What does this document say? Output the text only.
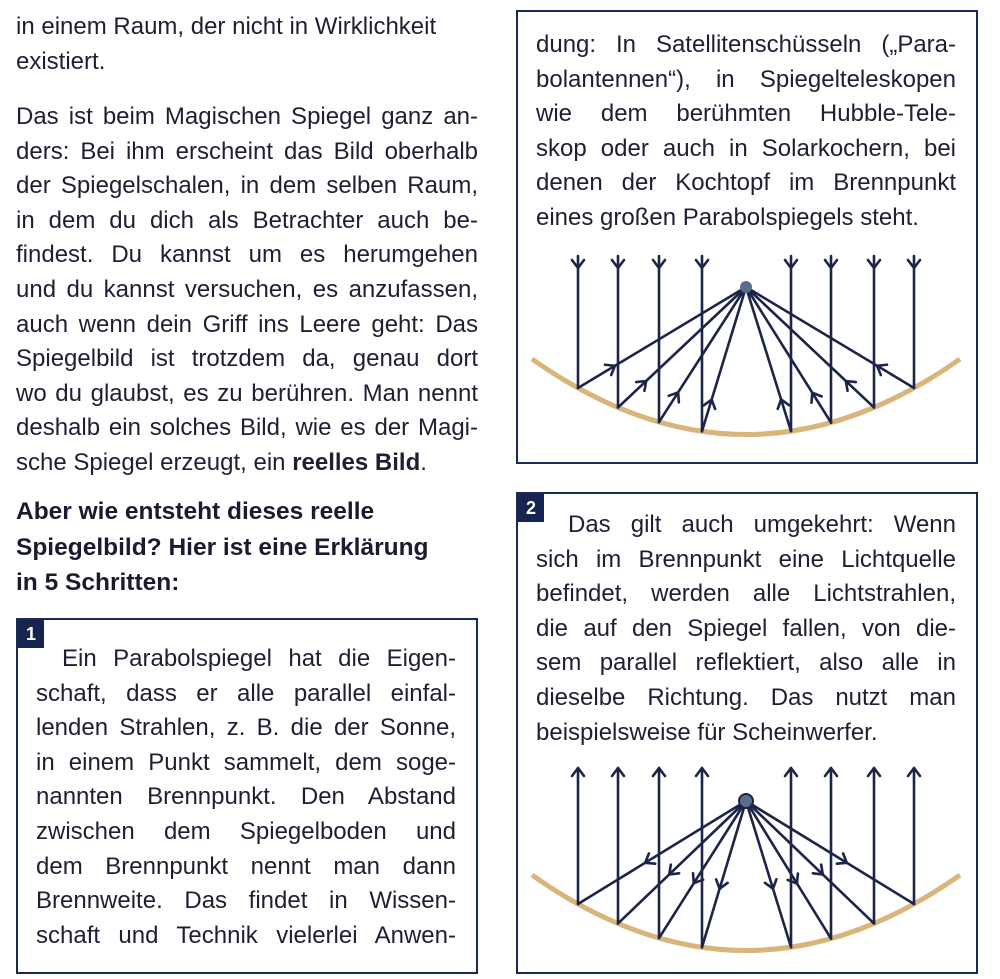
in einem Raum, der nicht in Wirklichkeit
existiert.
Das ist beim Magischen Spiegel ganz an-
ders: Bei ihm erscheint das Bild oberhalb
der Spiegelschalen, in dem selben Raum,
in dem du dich als Betrachter auch be-
findest. Du kannst um es herumgehen
und du kannst versuchen, es anzufassen,
auch wenn dein Griff ins Leere geht: Das
Spiegelbild ist trotzdem da, genau dort
wo du glaubst, es zu berühren. Man nennt
deshalb ein solches Bild, wie es der Magi-
sche Spiegel erzeugt, ein reelles Bild.
Aber wie entsteht dieses reelle
Spiegelbild? Hier ist eine Erklärung
in 5 Schritten:
1
Ein Parabolspiegel hat die Eigen-
schaft, dass er alle parallel einfal-
lenden Strahlen, z. B. die der Sonne,
in einem Punkt sammelt, dem soge-
nannten Brennpunkt. Den Abstand
zwischen dem Spiegelboden und
dem Brennpunkt nennt man dann
Brennweite. Das findet in Wissen-
schaft und Technik vielerlei Anwen-
dung: In Satellitenschüsseln („Para-
bolantennen“), in Spiegelteleskopen
wie dem berühmten Hubble-Tele-
skop oder auch in Solarkochern, bei
denen der Kochtopf im Brennpunkt
eines großen Parabolspiegels steht.
2
Das gilt auch umgekehrt: Wenn
sich im Brennpunkt eine Lichtquelle
befindet, werden alle Lichtstrahlen,
die auf den Spiegel fallen, von die-
sem parallel reflektiert, also alle in
dieselbe Richtung. Das nutzt man
beispielsweise für Scheinwerfer.
